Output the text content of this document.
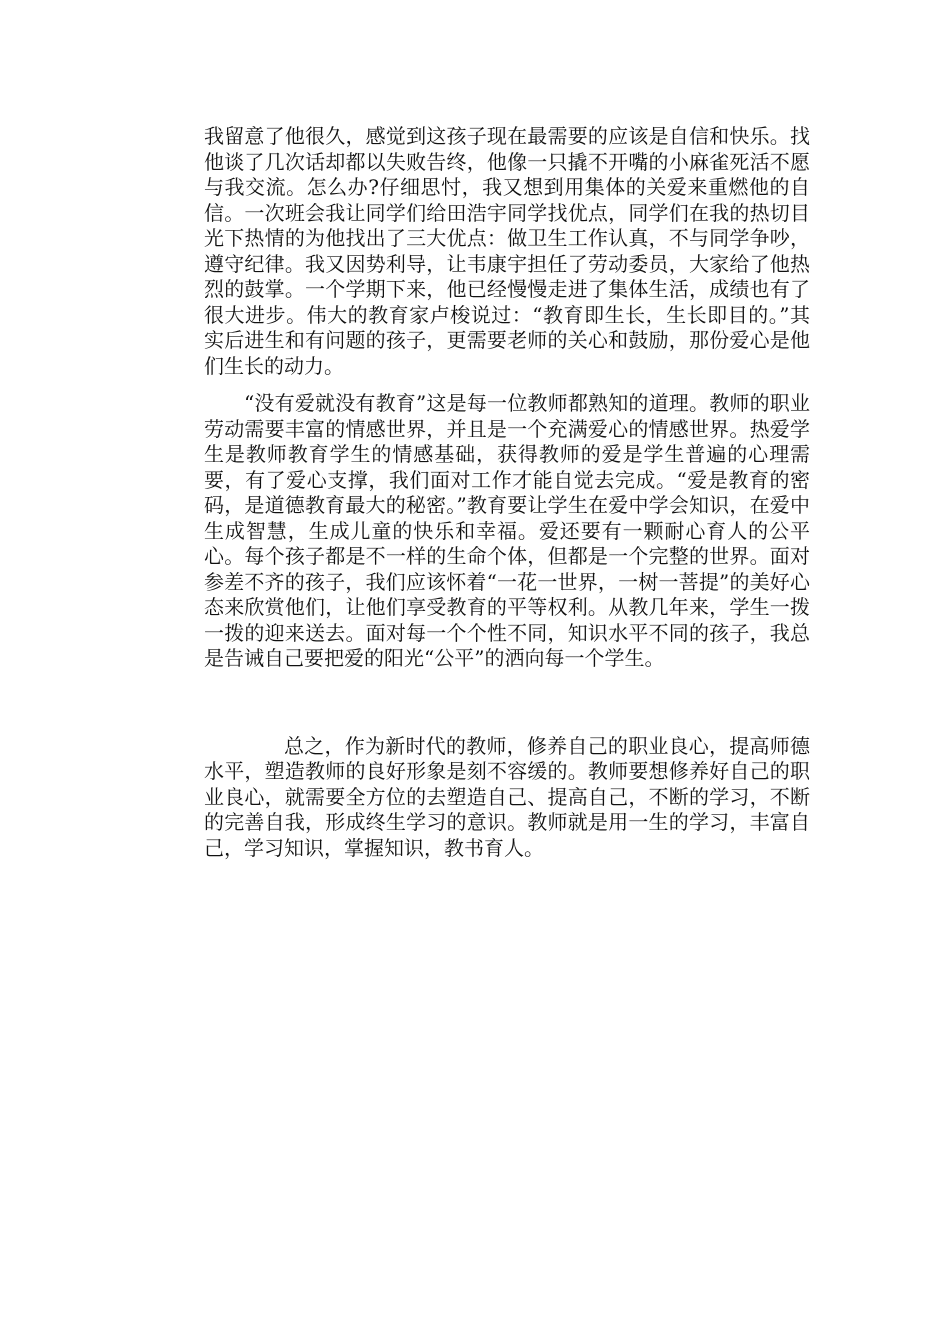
我留意了他很久，感觉到这孩子现在最需要的应该是自信和快乐。找他谈了几次话却都以失败告终，他像一只撬不开嘴的小麻雀死活不愿与我交流。怎么办?仔细思忖，我又想到用集体的关爱来重燃他的自信。一次班会我让同学们给田浩宇同学找优点，同学们在我的热切目光下热情的为他找出了三大优点：做卫生工作认真，不与同学争吵，遵守纪律。我又因势利导，让韦康宇担任了劳动委员，大家给了他热烈的鼓掌。一个学期下来，他已经慢慢走进了集体生活，成绩也有了很大进步。伟大的教育家卢梭说过：“教育即生长，生长即目的。”其实后进生和有问题的孩子，更需要老师的关心和鼓励，那份爱心是他们生长的动力。

“没有爱就没有教育”这是每一位教师都熟知的道理。教师的职业劳动需要丰富的情感世界，并且是一个充满爱心的情感世界。热爱学生是教师教育学生的情感基础，获得教师的爱是学生普遍的心理需要，有了爱心支撑，我们面对工作才能自觉去完成。“爱是教育的密码，是道德教育最大的秘密。”教育要让学生在爱中学会知识，在爱中生成智慧，生成儿童的快乐和幸福。爱还要有一颗耐心育人的公平心。每个孩子都是不一样的生命个体，但都是一个完整的世界。面对参差不齐的孩子，我们应该怀着“一花一世界，一树一菩提”的美好心态来欣赏他们，让他们享受教育的平等权利。从教几年来，学生一拨一拨的迎来送去。面对每一个个性不同，知识水平不同的孩子，我总是告诫自己要把爱的阳光“公平”的洒向每一个学生。

总之，作为新时代的教师，修养自己的职业良心，提高师德水平，塑造教师的良好形象是刻不容缓的。教师要想修养好自己的职业良心，就需要全方位的去塑造自己、提高自己，不断的学习，不断的完善自我，形成终生学习的意识。教师就是用一生的学习，丰富自己，学习知识，掌握知识，教书育人。
